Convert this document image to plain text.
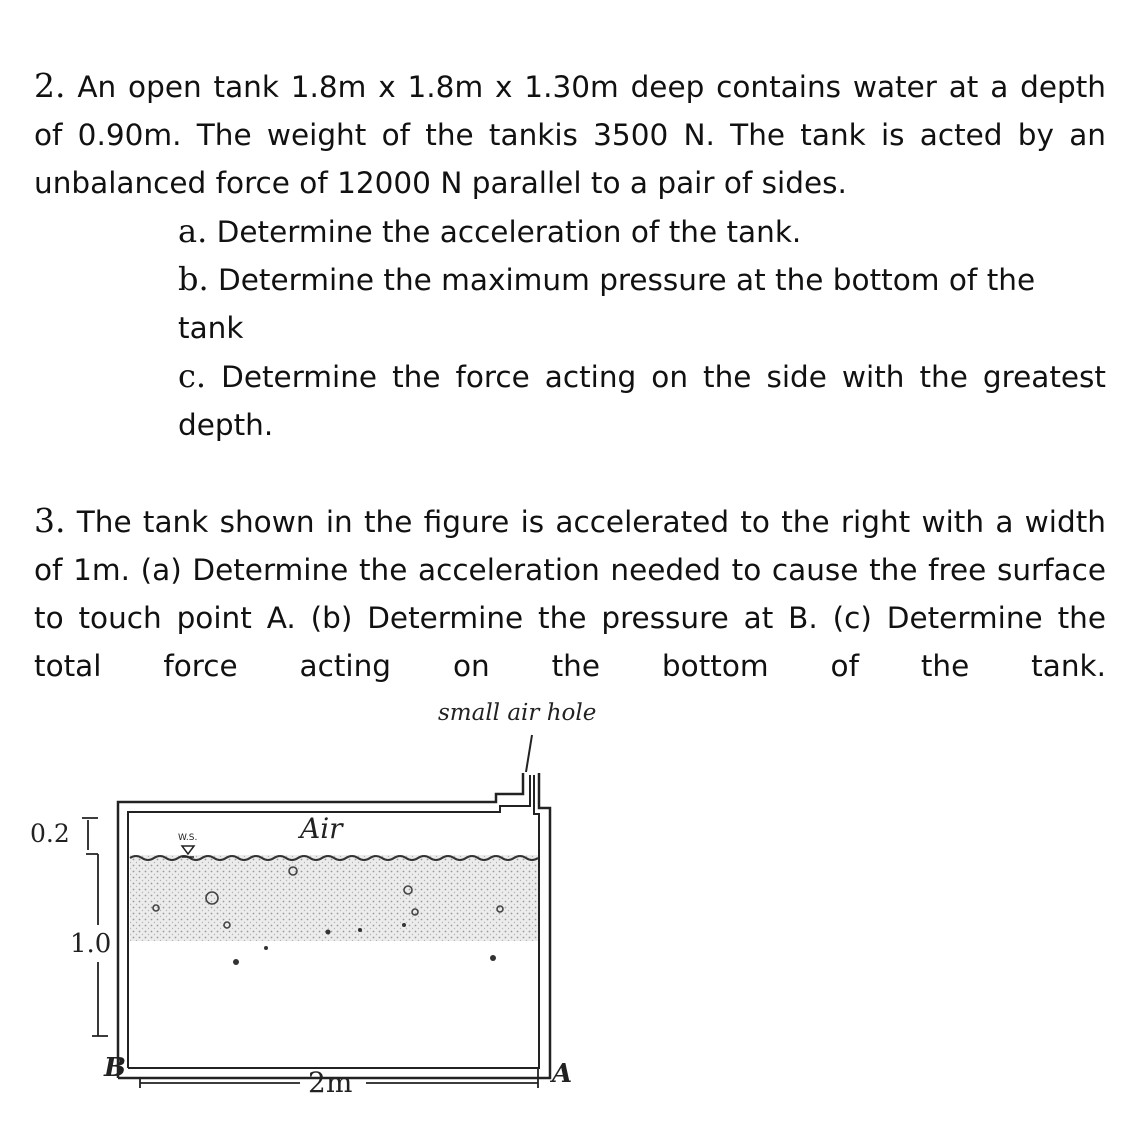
2. An open tank 1.8m x 1.8m x 1.30m deep contains water at a depth of 0.90m. The weight of the tankis 3500 N. The tank is acted by an unbalanced force of 12000 N parallel to a pair of sides.
a. Determine the acceleration of the tank.
b. Determine the maximum pressure at the bottom of the tank
c. Determine the force acting on the side with the greatest depth.
3. The tank shown in the figure is accelerated to the right with a width of 1m. (a) Determine the acceleration needed to cause the free surface to touch point A. (b) Determine the pressure at B. (c) Determine the total force acting on the bottom of the tank.
W.S.
small air hole
Air
0.2
1.0
2m
B	A
